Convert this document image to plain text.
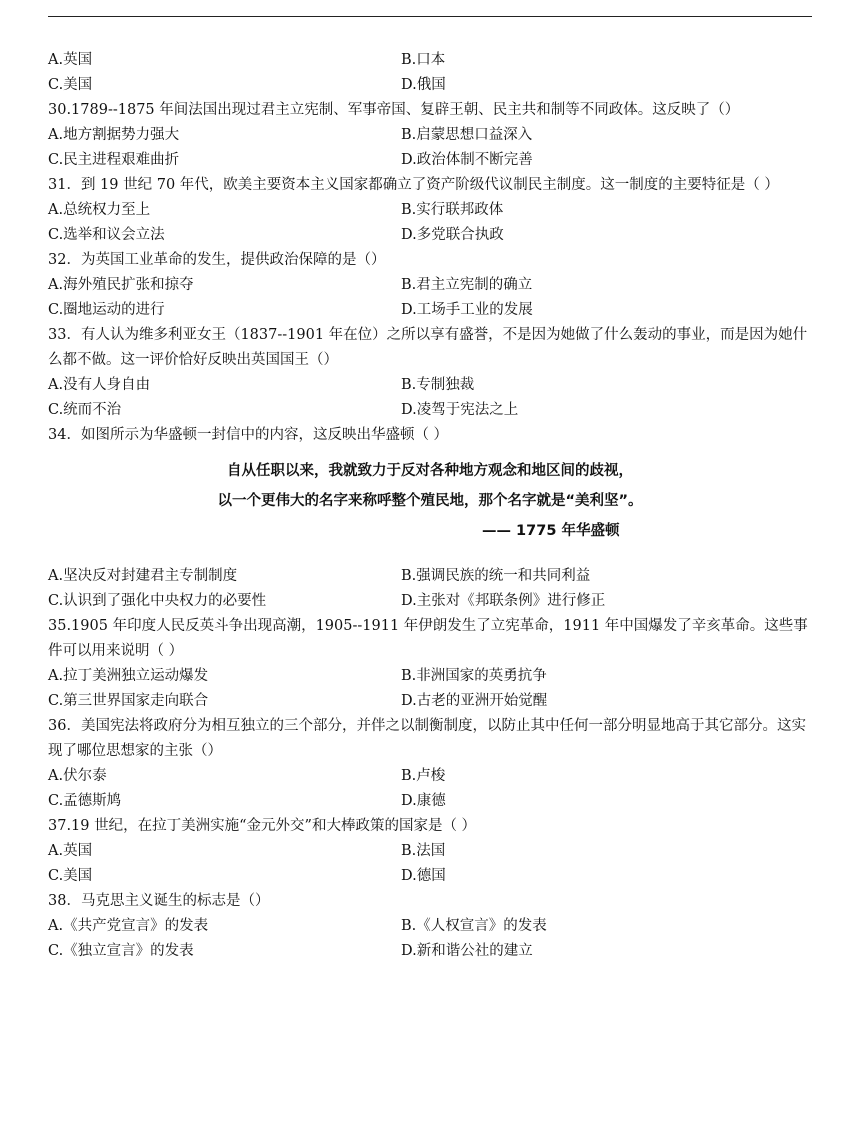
A.英国	B.口本
C.美国	D.俄国
30.1789--1875 年间法国出现过君主立宪制、军事帝国、复辟王朝、民主共和制等不同政体。这反映了（）
A.地方割据势力强大	B.启蒙思想口益深入
C.民主进程艰难曲折	D.政治体制不断完善
31．到 19 世纪 70 年代，欧美主要资本主义国家都确立了资产阶级代议制民主制度。这一制度的主要特征是（ ）
A.总统权力至上	B.实行联邦政体
C.选举和议会立法	D.多党联合执政
32．为英国工业革命的发生，提供政治保障的是（）
A.海外殖民扩张和掠夺	B.君主立宪制的确立
C.圈地运动的进行	D.工场手工业的发展
33．有人认为维多利亚女王（1837--1901 年在位）之所以享有盛誉，不是因为她做了什么轰动的事业，而是因为她什么都不做。这一评价恰好反映出英国国王（）
A.没有人身自由	B.专制独裁
C.统而不治	D.凌驾于宪法之上
34．如图所示为华盛顿一封信中的内容，这反映出华盛顿（ ）
自从任职以来，我就致力于反对各种地方观念和地区间的歧视，
以一个更伟大的名字来称呼整个殖民地，那个名字就是“美利坚”。
—— 1775 年华盛顿
A.坚决反对封建君主专制制度	B.强调民族的统一和共同利益
C.认识到了强化中央权力的必要性	D.主张对《邦联条例》进行修正
35.1905 年印度人民反英斗争出现高潮，1905--1911 年伊朗发生了立宪革命，1911 年中国爆发了辛亥革命。这些事件可以用来说明（ ）
A.拉丁美洲独立运动爆发	B.非洲国家的英勇抗争
C.第三世界国家走向联合	D.古老的亚洲开始觉醒
36．美国宪法将政府分为相互独立的三个部分，并伴之以制衡制度，以防止其中任何一部分明显地高于其它部分。这实现了哪位思想家的主张（）
A.伏尔泰	B.卢梭
C.孟德斯鸠	D.康德
37.19 世纪，在拉丁美洲实施“金元外交”和大棒政策的国家是（ ）
A.英国	B.法国
C.美国	D.德国
38．马克思主义诞生的标志是（）
A.《共产党宣言》的发表	B.《人权宣言》的发表
C.《独立宣言》的发表	D.新和谐公社的建立
